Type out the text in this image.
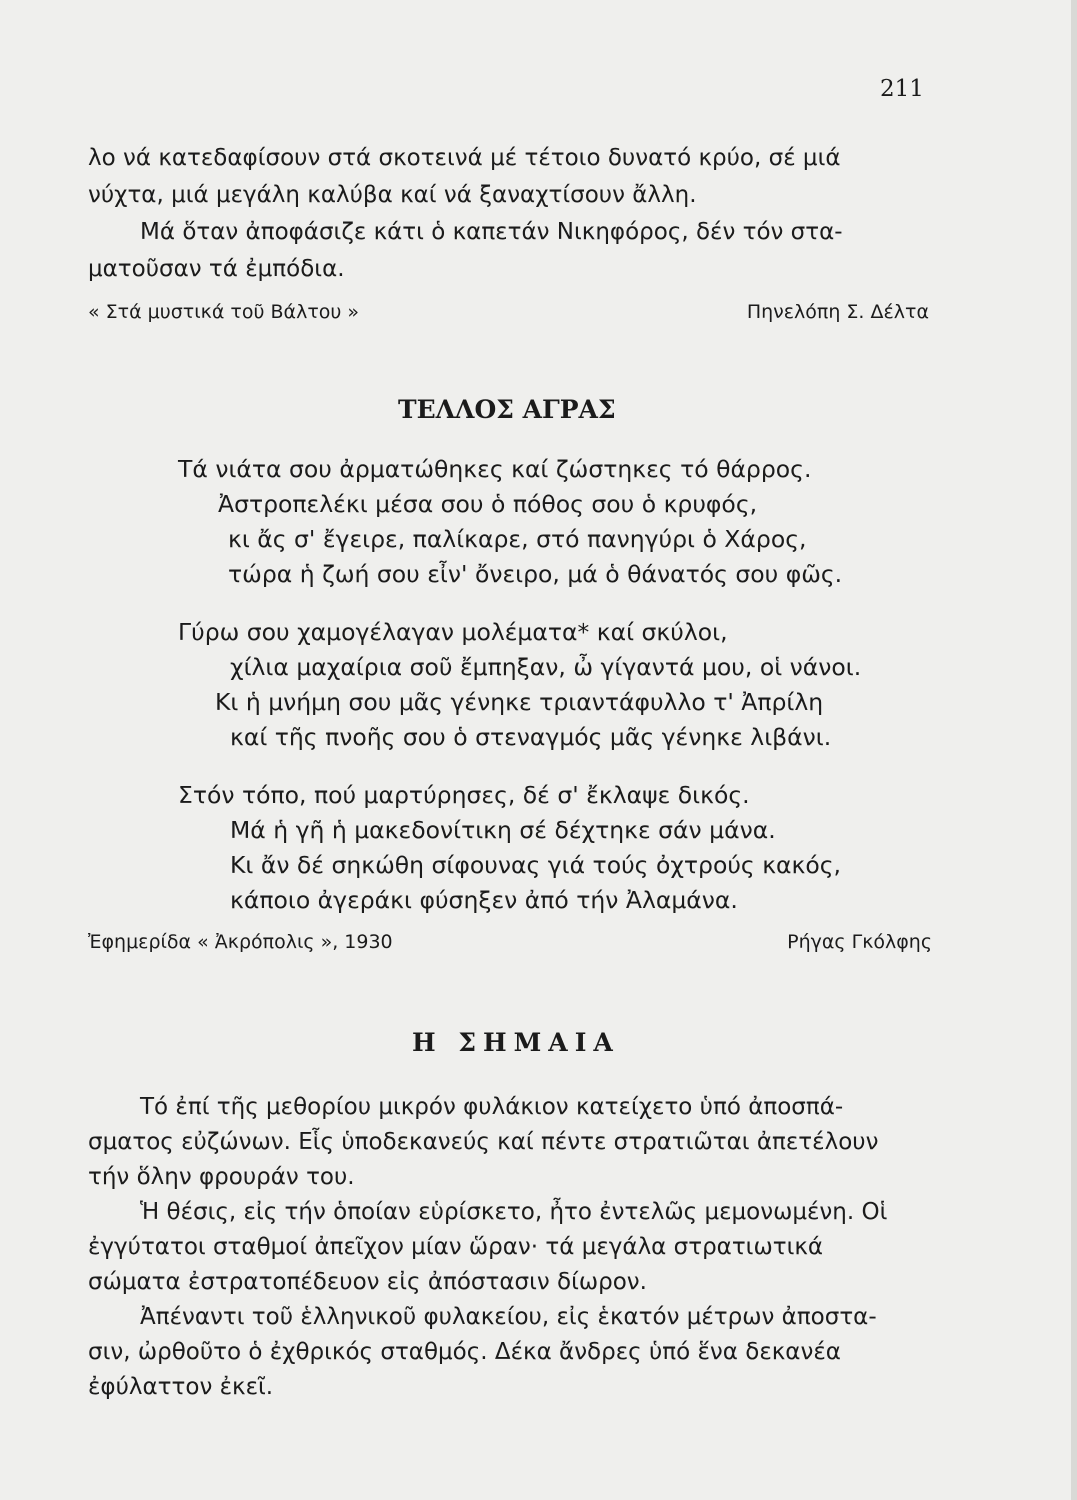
211
λο νά κατεδαφίσουν στά σκοτεινά μέ τέτοιο δυνατό κρύο, σέ μιά
νύχτα, μιά μεγάλη καλύβα καί νά ξαναχτίσουν ἄλλη.
Μά ὅταν ἀποφάσιζε κάτι ὁ καπετάν Νικηφόρος, δέν τόν στα-
ματοῦσαν τά ἐμπόδια.
« Στά μυστικά τοῦ Βάλτου »	Πηνελόπη Σ. Δέλτα
ΤΕΛΛΟΣ ΑΓΡΑΣ
Τά νιάτα σου ἀρματώθηκες καί ζώστηκες τό θάρρος.
Ἀστροπελέκι μέσα σου ὁ πόθος σου ὁ κρυφός,
κι ἄς σ' ἔγειρε, παλίκαρε, στό πανηγύρι ὁ Χάρος,
τώρα ἡ ζωή σου εἶν' ὄνειρο, μά ὁ θάνατός σου φῶς.
Γύρω σου χαμογέλαγαν μολέματα* καί σκύλοι,
χίλια μαχαίρια σοῦ ἔμπηξαν, ὦ γίγαντά μου, οἱ νάνοι.
Κι ἡ μνήμη σου μᾶς γένηκε τριαντάφυλλο τ' Ἀπρίλη
καί τῆς πνοῆς σου ὁ στεναγμός μᾶς γένηκε λιβάνι.
Στόν τόπο, πού μαρτύρησες, δέ σ' ἔκλαψε δικός.
Μά ἡ γῆ ἡ μακεδονίτικη σέ δέχτηκε σάν μάνα.
Κι ἄν δέ σηκώθη σίφουνας γιά τούς ὀχτρούς κακός,
κάποιο ἀγεράκι φύσηξεν ἀπό τήν Ἀλαμάνα.
Ἐφημερίδα « Ἀκρόπολις », 1930	Ρήγας Γκόλφης
Η ΣΗΜΑΙΑ
Τό ἐπί τῆς μεθορίου μικρόν φυλάκιον κατείχετο ὑπό ἀποσπά-
σματος εὐζώνων. Εἷς ὑποδεκανεύς καί πέντε στρατιῶται ἀπετέλουν
τήν ὅλην φρουράν του.
Ἡ θέσις, εἰς τήν ὁποίαν εὑρίσκετο, ἦτο ἐντελῶς μεμονωμένη. Οἱ
ἐγγύτατοι σταθμοί ἀπεῖχον μίαν ὥραν· τά μεγάλα στρατιωτικά
σώματα ἐστρατοπέδευον εἰς ἀπόστασιν δίωρον.
Ἀπέναντι τοῦ ἑλληνικοῦ φυλακείου, εἰς ἑκατόν μέτρων ἀποστα-
σιν, ὠρθοῦτο ὁ ἐχθρικός σταθμός. Δέκα ἄνδρες ὑπό ἕνα δεκανέα
ἐφύλαττον ἐκεῖ.
